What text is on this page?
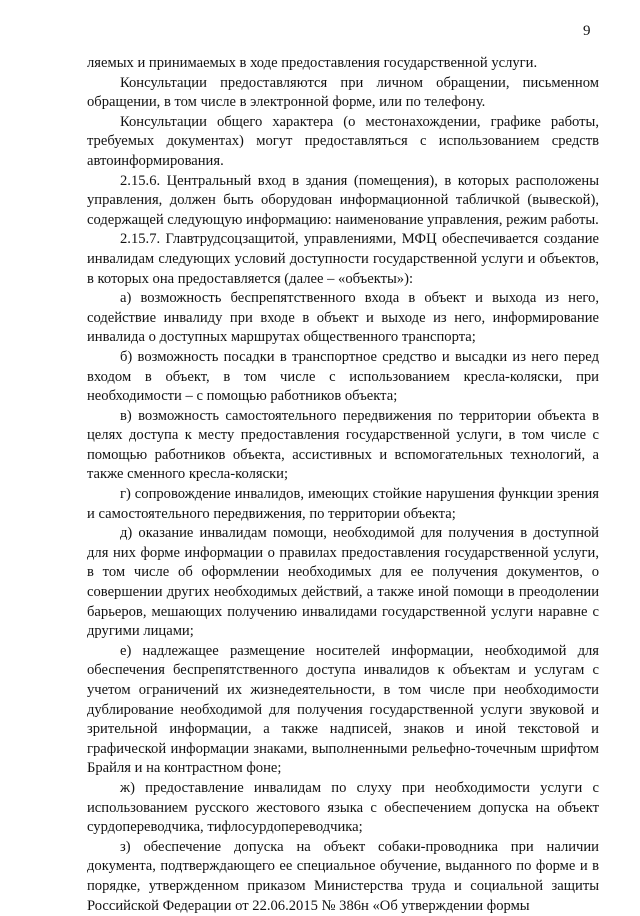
9

ляемых и принимаемых в ходе предоставления государственной услуги.

Консультации предоставляются при личном обращении, письменном обращении, в том числе в электронной форме, или по телефону.

Консультации общего характера (о местонахождении, графике работы, требуемых документах) могут предоставляться с использованием средств автоинформирования.

2.15.6. Центральный вход в здания (помещения), в которых расположены управления, должен быть оборудован информационной табличкой (вывеской), содержащей следующую информацию: наименование управления, режим работы.

2.15.7. Главтрудсоцзащитой, управлениями, МФЦ обеспечивается создание инвалидам следующих условий доступности государственной услуги и объектов, в которых она предоставляется (далее – «объекты»):

а) возможность беспрепятственного входа в объект и выхода из него, содействие инвалиду при входе в объект и выходе из него, информирование инвалида о доступных маршрутах общественного транспорта;

б) возможность посадки в транспортное средство и высадки из него перед входом в объект, в том числе с использованием кресла-коляски, при необходимости – с помощью работников объекта;

в) возможность самостоятельного передвижения по территории объекта в целях доступа к месту предоставления государственной услуги, в том числе с помощью работников объекта, ассистивных и вспомогательных технологий, а также сменного кресла-коляски;

г) сопровождение инвалидов, имеющих стойкие нарушения функции зрения и самостоятельного передвижения, по территории объекта;

д) оказание инвалидам помощи, необходимой для получения в доступной для них форме информации о правилах предоставления государственной услуги, в том числе об оформлении необходимых для ее получения документов, о совершении других необходимых действий, а также иной помощи в преодолении барьеров, мешающих получению инвалидами государственной услуги наравне с другими лицами;

е) надлежащее размещение носителей информации, необходимой для обеспечения беспрепятственного доступа инвалидов к объектам и услугам с учетом ограничений их жизнедеятельности, в том числе при необходимости дублирование необходимой для получения государственной услуги звуковой и зрительной информации, а также надписей, знаков и иной текстовой и графической информации знаками, выполненными рельефно-точечным шрифтом Брайля и на контрастном фоне;

ж) предоставление инвалидам по слуху при необходимости услуги с использованием русского жестового языка с обеспечением допуска на объект сурдопереводчика, тифлосурдопереводчика;

з) обеспечение допуска на объект собаки-проводника при наличии документа, подтверждающего ее специальное обучение, выданного по форме и в порядке, утвержденном приказом Министерства труда и социальной защиты Российской Федерации от 22.06.2015 № 386н «Об утверждении формы
